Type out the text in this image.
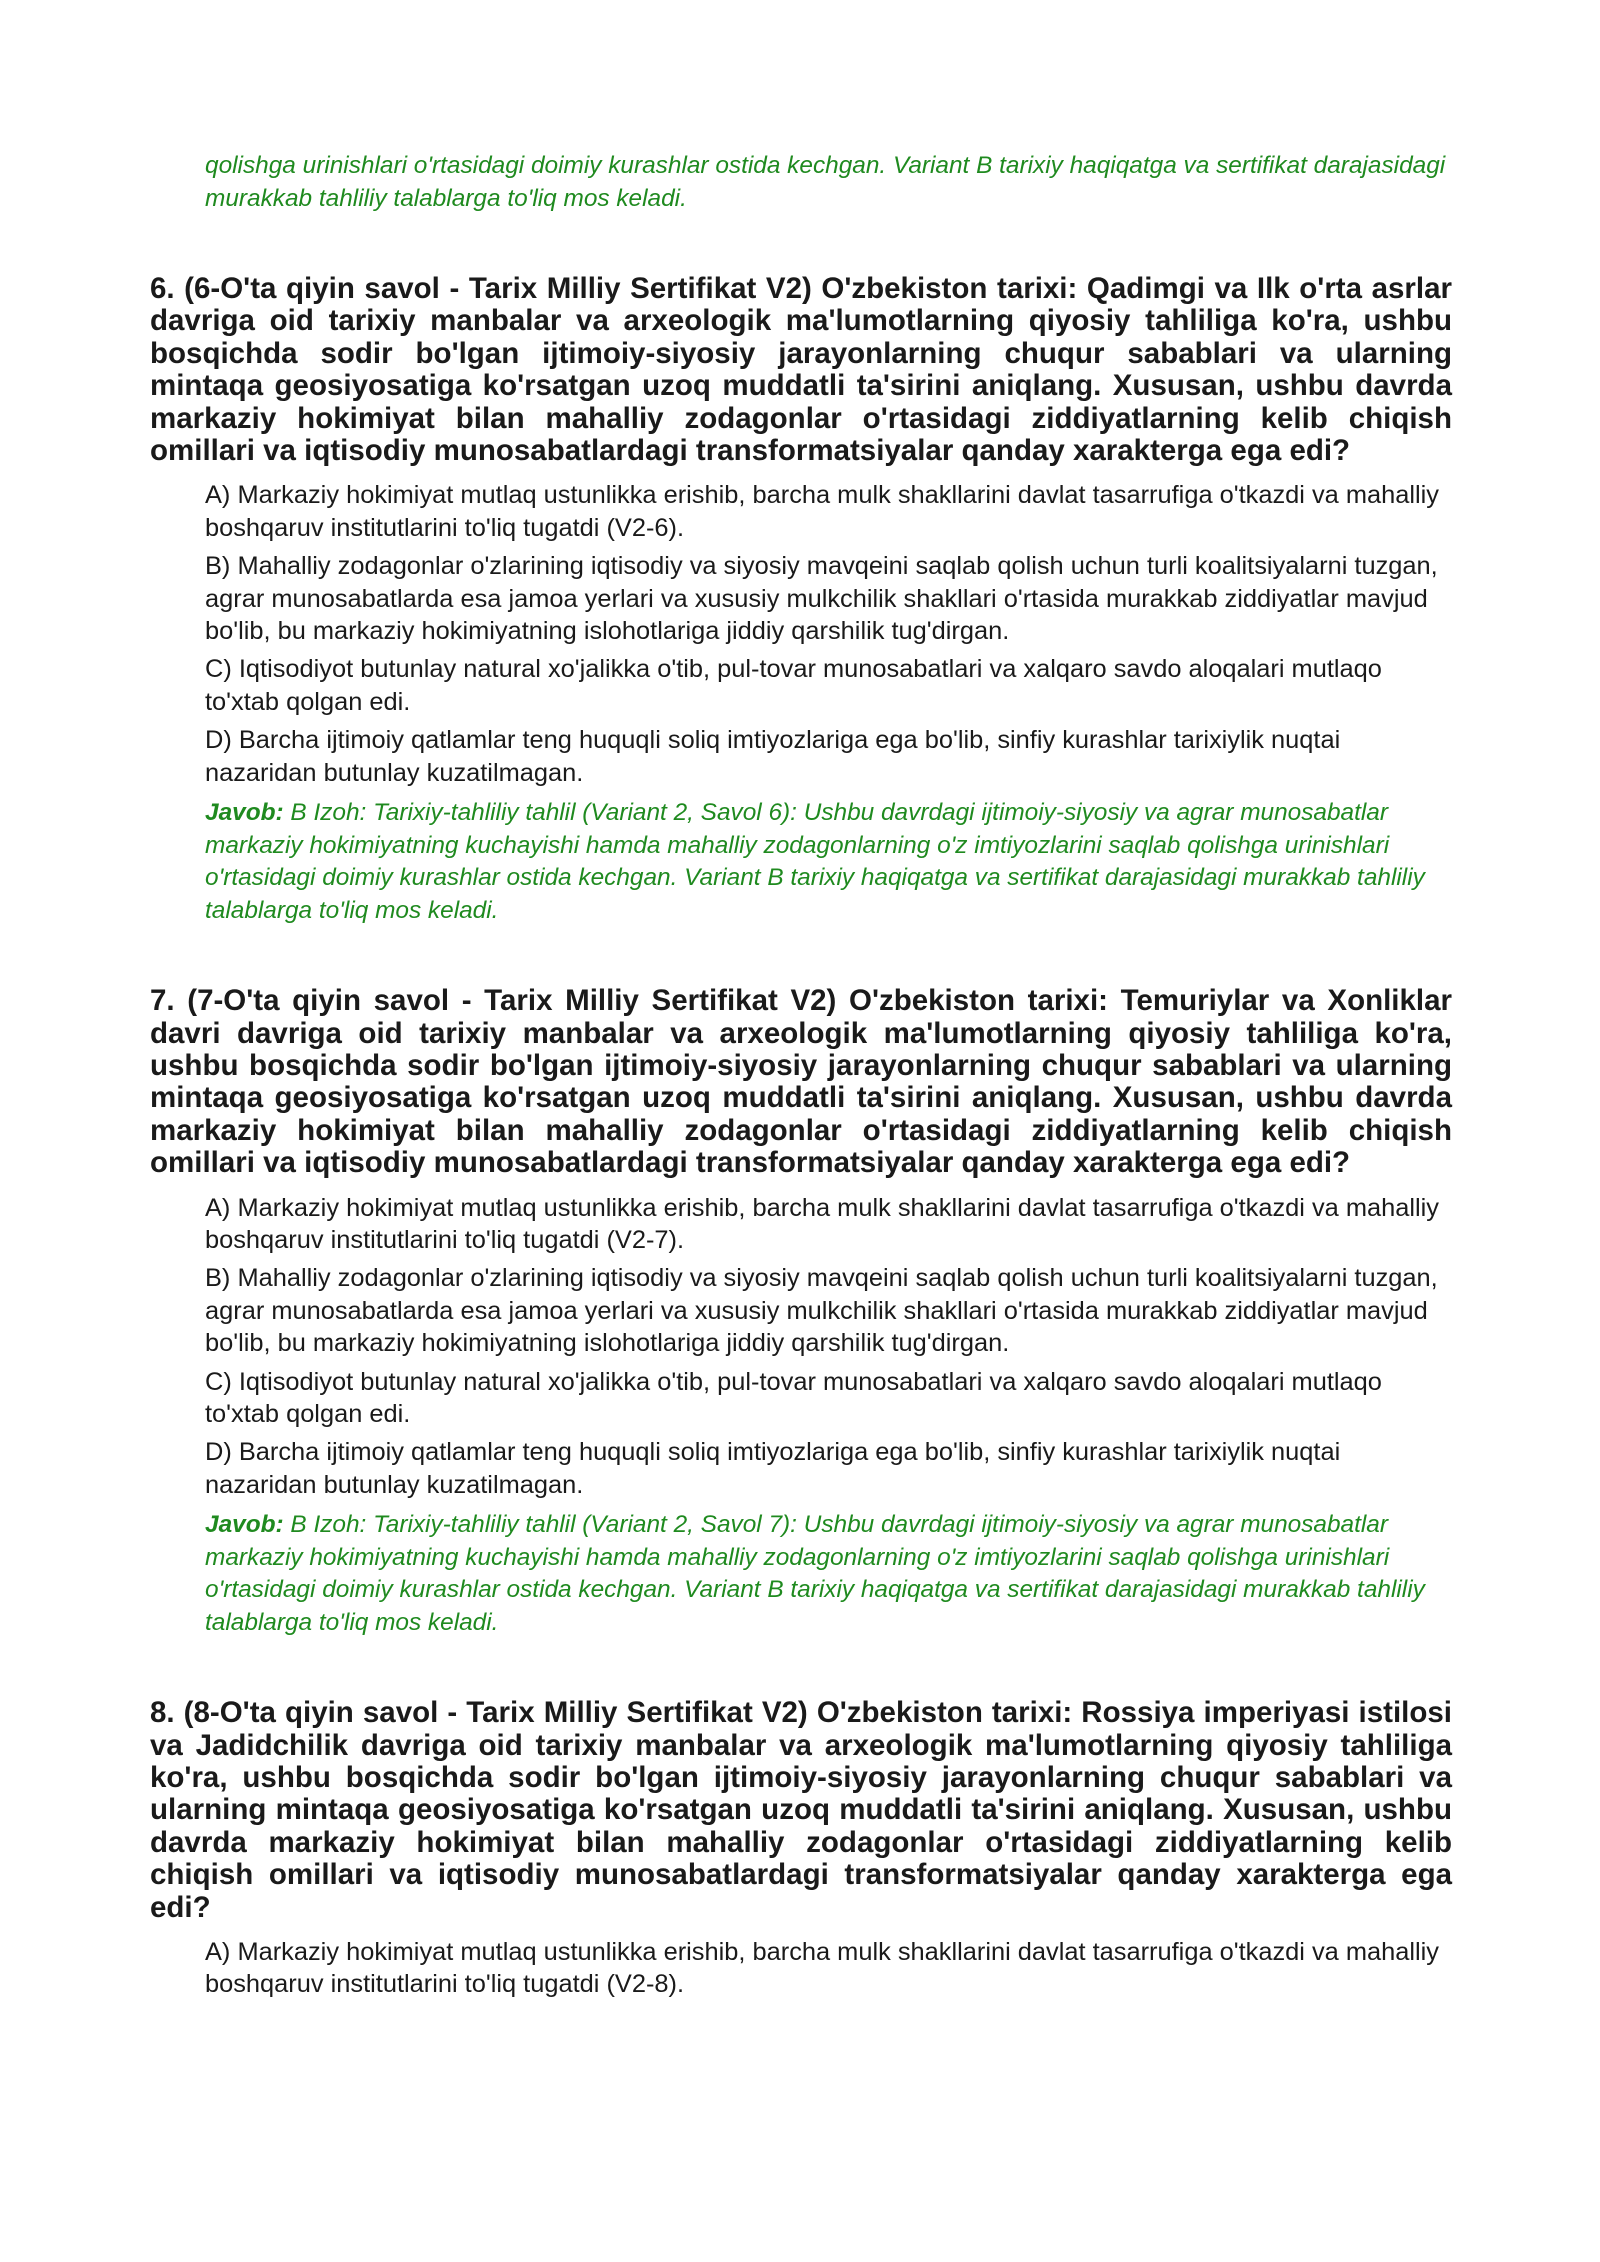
qolishga urinishlari o'rtasidagi doimiy kurashlar ostida kechgan. Variant B tarixiy haqiqatga va sertifikat darajasidagi murakkab tahliliy talablarga to'liq mos keladi.

6. (6-O'ta qiyin savol - Tarix Milliy Sertifikat V2) O'zbekiston tarixi: Qadimgi va Ilk o'rta asrlar davriga oid tarixiy manbalar va arxeologik ma'lumotlarning qiyosiy tahliliga ko'ra, ushbu bosqichda sodir bo'lgan ijtimoiy-siyosiy jarayonlarning chuqur sabablari va ularning mintaqa geosiyosatiga ko'rsatgan uzoq muddatli ta'sirini aniqlang. Xususan, ushbu davrda markaziy hokimiyat bilan mahalliy zodagonlar o'rtasidagi ziddiyatlarning kelib chiqish omillari va iqtisodiy munosabatlardagi transformatsiyalar qanday xarakterga ega edi?

A) Markaziy hokimiyat mutlaq ustunlikka erishib, barcha mulk shakllarini davlat tasarrufiga o'tkazdi va mahalliy boshqaruv institutlarini to'liq tugatdi (V2-6).
B) Mahalliy zodagonlar o'zlarining iqtisodiy va siyosiy mavqeini saqlab qolish uchun turli koalitsiyalarni tuzgan, agrar munosabatlarda esa jamoa yerlari va xususiy mulkchilik shakllari o'rtasida murakkab ziddiyatlar mavjud bo'lib, bu markaziy hokimiyatning islohotlariga jiddiy qarshilik tug'dirgan.
C) Iqtisodiyot butunlay natural xo'jalikka o'tib, pul-tovar munosabatlari va xalqaro savdo aloqalari mutlaqo to'xtab qolgan edi.
D) Barcha ijtimoiy qatlamlar teng huquqli soliq imtiyozlariga ega bo'lib, sinfiy kurashlar tarixiylik nuqtai nazaridan butunlay kuzatilmagan.
Javob: B Izoh: Tarixiy-tahliliy tahlil (Variant 2, Savol 6): Ushbu davrdagi ijtimoiy-siyosiy va agrar munosabatlar markaziy hokimiyatning kuchayishi hamda mahalliy zodagonlarning o'z imtiyozlarini saqlab qolishga urinishlari o'rtasidagi doimiy kurashlar ostida kechgan. Variant B tarixiy haqiqatga va sertifikat darajasidagi murakkab tahliliy talablarga to'liq mos keladi.

7. (7-O'ta qiyin savol - Tarix Milliy Sertifikat V2) O'zbekiston tarixi: Temuriylar va Xonliklar davri davriga oid tarixiy manbalar va arxeologik ma'lumotlarning qiyosiy tahliliga ko'ra, ushbu bosqichda sodir bo'lgan ijtimoiy-siyosiy jarayonlarning chuqur sabablari va ularning mintaqa geosiyosatiga ko'rsatgan uzoq muddatli ta'sirini aniqlang. Xususan, ushbu davrda markaziy hokimiyat bilan mahalliy zodagonlar o'rtasidagi ziddiyatlarning kelib chiqish omillari va iqtisodiy munosabatlardagi transformatsiyalar qanday xarakterga ega edi?

A) Markaziy hokimiyat mutlaq ustunlikka erishib, barcha mulk shakllarini davlat tasarrufiga o'tkazdi va mahalliy boshqaruv institutlarini to'liq tugatdi (V2-7).
B) Mahalliy zodagonlar o'zlarining iqtisodiy va siyosiy mavqeini saqlab qolish uchun turli koalitsiyalarni tuzgan, agrar munosabatlarda esa jamoa yerlari va xususiy mulkchilik shakllari o'rtasida murakkab ziddiyatlar mavjud bo'lib, bu markaziy hokimiyatning islohotlariga jiddiy qarshilik tug'dirgan.
C) Iqtisodiyot butunlay natural xo'jalikka o'tib, pul-tovar munosabatlari va xalqaro savdo aloqalari mutlaqo to'xtab qolgan edi.
D) Barcha ijtimoiy qatlamlar teng huquqli soliq imtiyozlariga ega bo'lib, sinfiy kurashlar tarixiylik nuqtai nazaridan butunlay kuzatilmagan.
Javob: B Izoh: Tarixiy-tahliliy tahlil (Variant 2, Savol 7): Ushbu davrdagi ijtimoiy-siyosiy va agrar munosabatlar markaziy hokimiyatning kuchayishi hamda mahalliy zodagonlarning o'z imtiyozlarini saqlab qolishga urinishlari o'rtasidagi doimiy kurashlar ostida kechgan. Variant B tarixiy haqiqatga va sertifikat darajasidagi murakkab tahliliy talablarga to'liq mos keladi.

8. (8-O'ta qiyin savol - Tarix Milliy Sertifikat V2) O'zbekiston tarixi: Rossiya imperiyasi istilosi va Jadidchilik davriga oid tarixiy manbalar va arxeologik ma'lumotlarning qiyosiy tahliliga ko'ra, ushbu bosqichda sodir bo'lgan ijtimoiy-siyosiy jarayonlarning chuqur sabablari va ularning mintaqa geosiyosatiga ko'rsatgan uzoq muddatli ta'sirini aniqlang. Xususan, ushbu davrda markaziy hokimiyat bilan mahalliy zodagonlar o'rtasidagi ziddiyatlarning kelib chiqish omillari va iqtisodiy munosabatlardagi transformatsiyalar qanday xarakterga ega edi?

A) Markaziy hokimiyat mutlaq ustunlikka erishib, barcha mulk shakllarini davlat tasarrufiga o'tkazdi va mahalliy boshqaruv institutlarini to'liq tugatdi (V2-8).
